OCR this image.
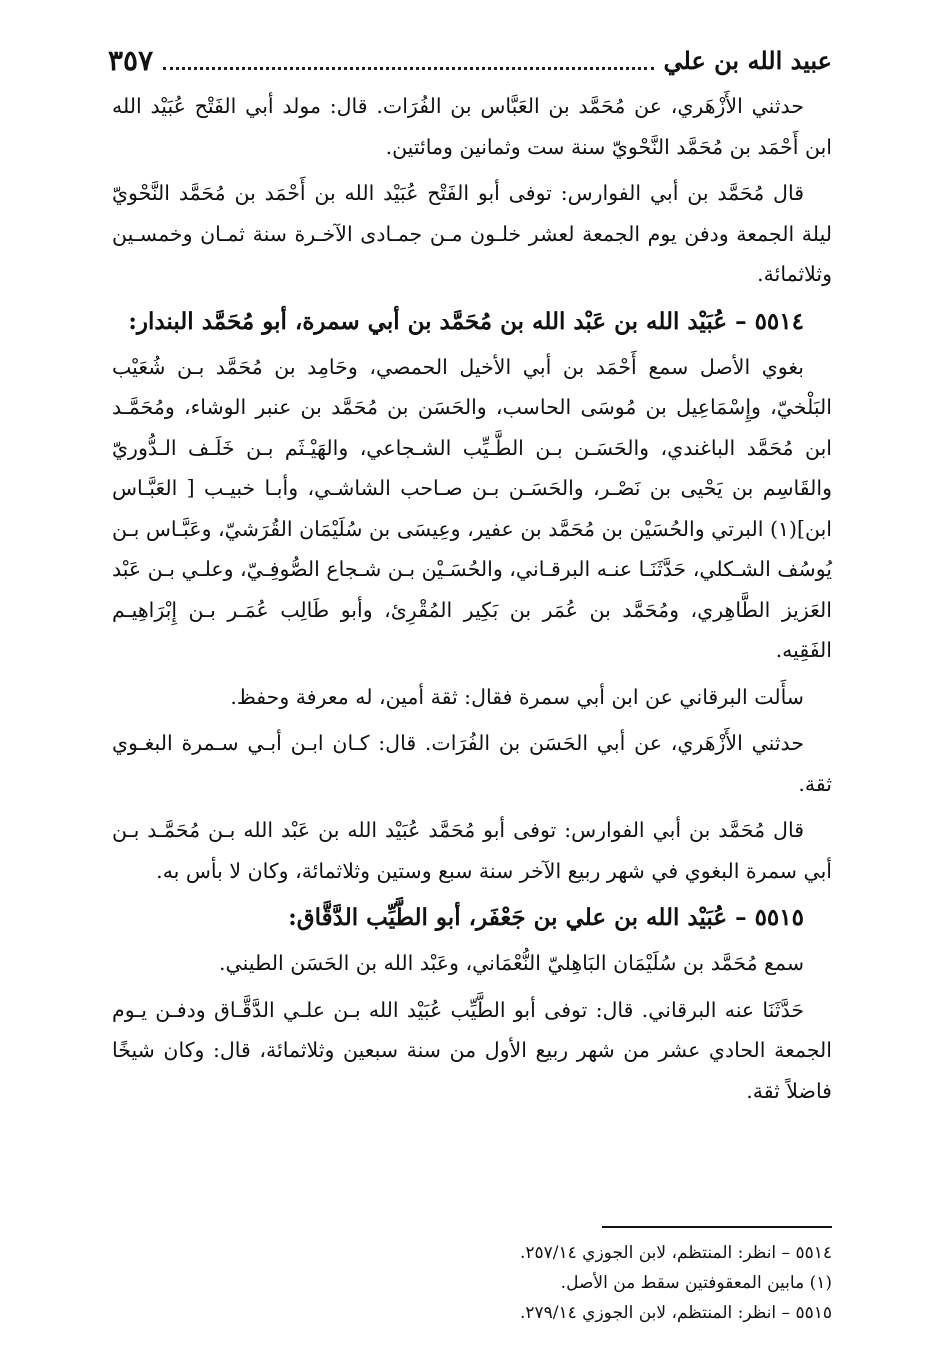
عبيد الله بن علي
٣٥٧

حدثني الأَزْهَري، عن مُحَمَّد بن العَبَّاس بن الفُرَات. قال: مولد أبي الفَتْح عُبَيْد الله ابن أَحْمَد بن مُحَمَّد النَّحْويّ سنة ست وثمانين ومائتين.

قال مُحَمَّد بن أبي الفوارس: توفى أبو الفَتْح عُبَيْد الله بن أَحْمَد بن مُحَمَّد النَّحْويّ ليلة الجمعة ودفن يوم الجمعة لعشر خلـون مـن جمـادى الآخـرة سنة ثمـان وخمسـين وثلاثمائة.

٥٥١٤ – عُبَيْد الله بن عَبْد الله بن مُحَمَّد بن أبي سمرة، أبو مُحَمَّد البندار:

بغوي الأصل سمع أَحْمَد بن أبي الأخيل الحمصي، وحَامِد بن مُحَمَّد بـن شُعَيْب البَلْخيّ، وإِسْمَاعِيل بن مُوسَى الحاسب، والحَسَن بن مُحَمَّد بن عنبر الوشاء، ومُحَمَّـد ابن مُحَمَّد الباغندي، والحَسَـن بـن الطَّـيِّب الشـجاعي، والهَيْـثَم بـن خَلَـف الـدُّوريّ والقَاسِم بن يَحْيى بن نَصْـر، والحَسَـن بـن صـاحب الشاشـي، وأبـا خبيـب [ العَبَّـاس ابن](١) البرتي والحُسَيْن بن مُحَمَّد بن عفير، وعِيسَى بن سُلَيْمَان القُرَشيّ، وعَبَّـاس بـن يُوسُف الشـكلي، حَدَّثَنَـا عنـه البرقـاني، والحُسَـيْن بـن شـجاع الصُّوفِـيّ، وعلـي بـن عَبْد العَزيز الطَّاهِري، ومُحَمَّد بن عُمَر بن بَكِير المُقْرِئ، وأبو طَالِب عُمَـر بـن إِبْرَاهِيـم الفَقِيه.

سأَلت البرقاني عن ابن أبي سمرة فقال: ثقة أمين، له معرفة وحفظ.

حدثني الأَزْهَري، عن أبي الحَسَن بن الفُرَات. قال: كـان ابـن أبـي سـمرة البغـوي ثقة.

قال مُحَمَّد بن أبي الفوارس: توفى أبو مُحَمَّد عُبَيْد الله بن عَبْد الله بـن مُحَمَّـد بـن أبي سمرة البغوي في شهر ربيع الآخر سنة سبع وستين وثلاثمائة، وكان لا بأس به.

٥٥١٥ – عُبَيْد الله بن علي بن جَعْفَر، أبو الطَّيِّب الدَّقَّاق:

سمع مُحَمَّد بن سُلَيْمَان البَاهِليّ النُّعْمَاني، وعَبْد الله بن الحَسَن الطيني.

حَدَّثَنَا عنه البرقاني. قال: توفى أبو الطَّيِّب عُبَيْد الله بـن علـي الدَّقَّـاق ودفـن يـوم الجمعة الحادي عشر من شهر ربيع الأول من سنة سبعين وثلاثمائة، قال: وكان شيخًا فاضلاً ثقة.

٥٥١٤ – انظر: المنتظم، لابن الجوزي ٢٥٧/١٤.
(١) مابين المعقوفتين سقط من الأصل.
٥٥١٥ – انظر: المنتظم، لابن الجوزي ٢٧٩/١٤.
